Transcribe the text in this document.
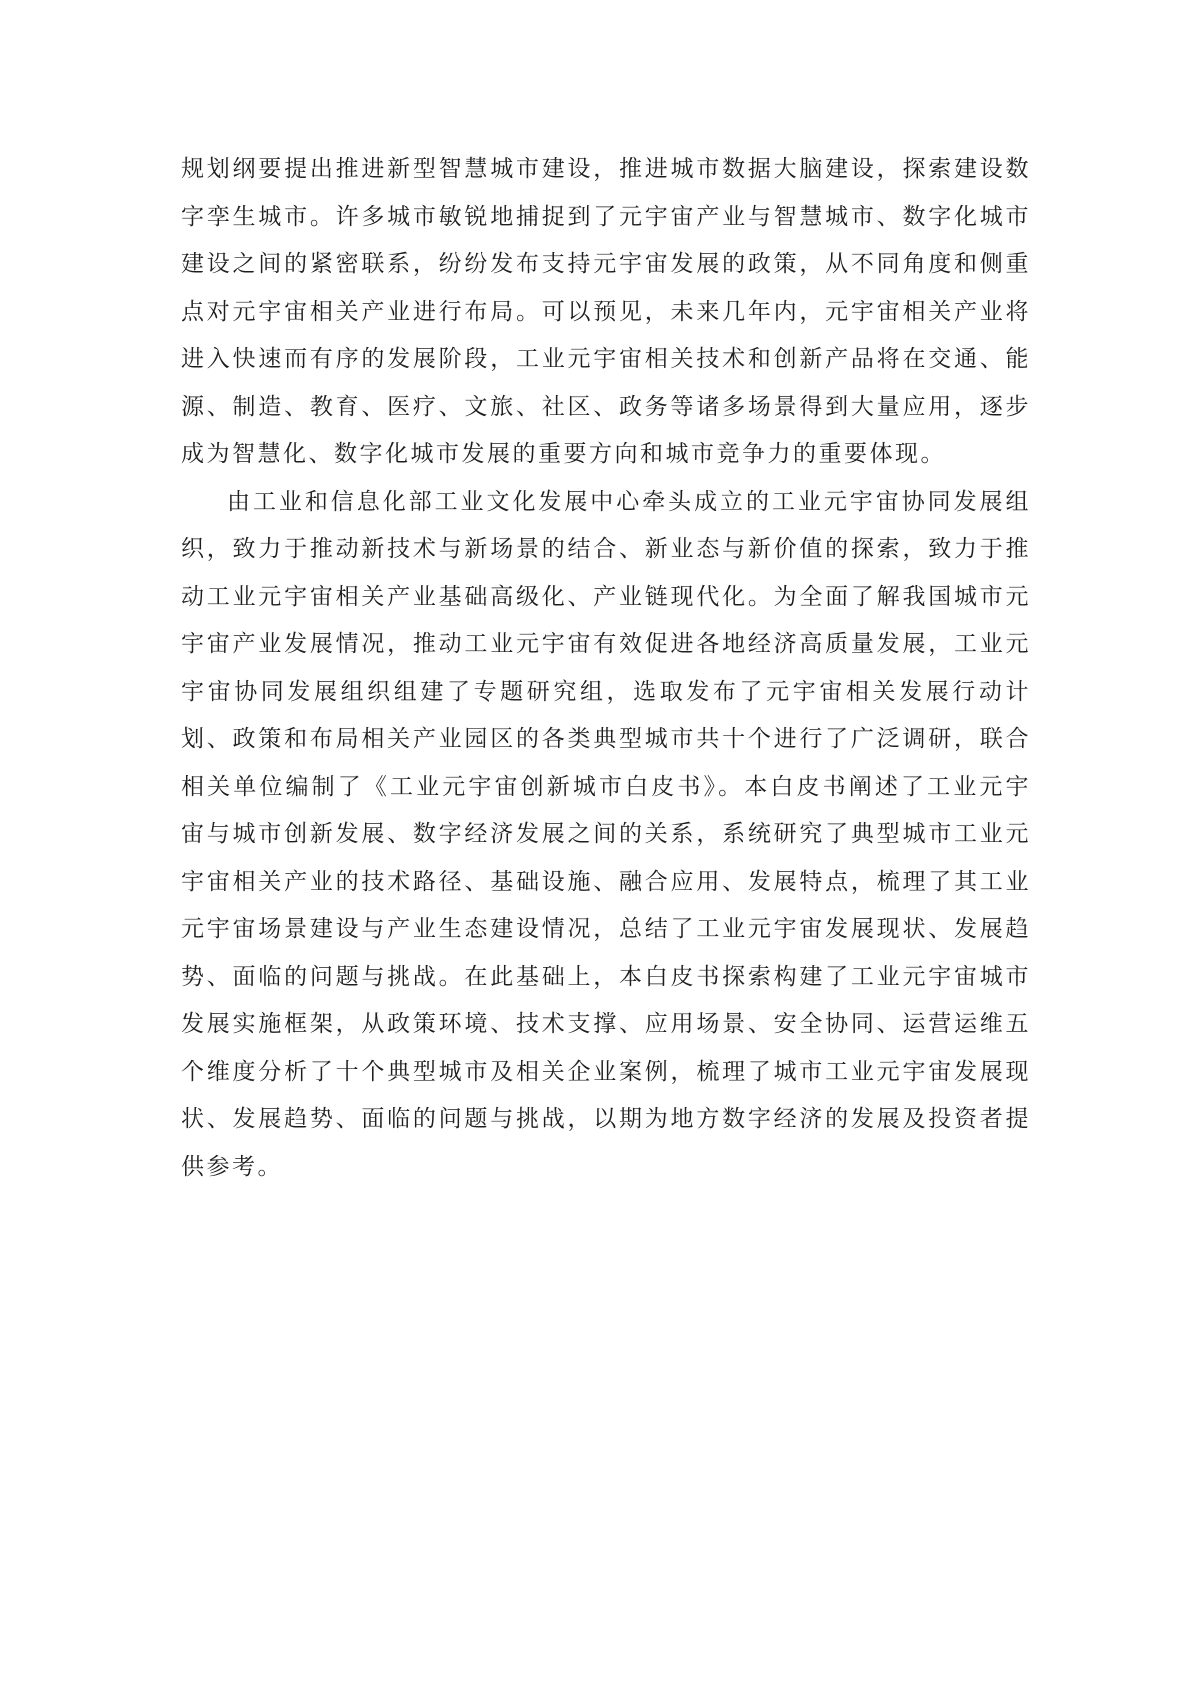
规划纲要提出推进新型智慧城市建设，推进城市数据大脑建设，探索建设数字孪生城市。许多城市敏锐地捕捉到了元宇宙产业与智慧城市、数字化城市建设之间的紧密联系，纷纷发布支持元宇宙发展的政策，从不同角度和侧重点对元宇宙相关产业进行布局。可以预见，未来几年内，元宇宙相关产业将进入快速而有序的发展阶段，工业元宇宙相关技术和创新产品将在交通、能源、制造、教育、医疗、文旅、社区、政务等诸多场景得到大量应用，逐步成为智慧化、数字化城市发展的重要方向和城市竞争力的重要体现。

由工业和信息化部工业文化发展中心牵头成立的工业元宇宙协同发展组织，致力于推动新技术与新场景的结合、新业态与新价值的探索，致力于推动工业元宇宙相关产业基础高级化、产业链现代化。为全面了解我国城市元宇宙产业发展情况，推动工业元宇宙有效促进各地经济高质量发展，工业元宇宙协同发展组织组建了专题研究组，选取发布了元宇宙相关发展行动计划、政策和布局相关产业园区的各类典型城市共十个进行了广泛调研，联合相关单位编制了《工业元宇宙创新城市白皮书》。本白皮书阐述了工业元宇宙与城市创新发展、数字经济发展之间的关系，系统研究了典型城市工业元宇宙相关产业的技术路径、基础设施、融合应用、发展特点，梳理了其工业元宇宙场景建设与产业生态建设情况，总结了工业元宇宙发展现状、发展趋势、面临的问题与挑战。在此基础上，本白皮书探索构建了工业元宇宙城市发展实施框架，从政策环境、技术支撑、应用场景、安全协同、运营运维五个维度分析了十个典型城市及相关企业案例，梳理了城市工业元宇宙发展现状、发展趋势、面临的问题与挑战，以期为地方数字经济的发展及投资者提供参考。
